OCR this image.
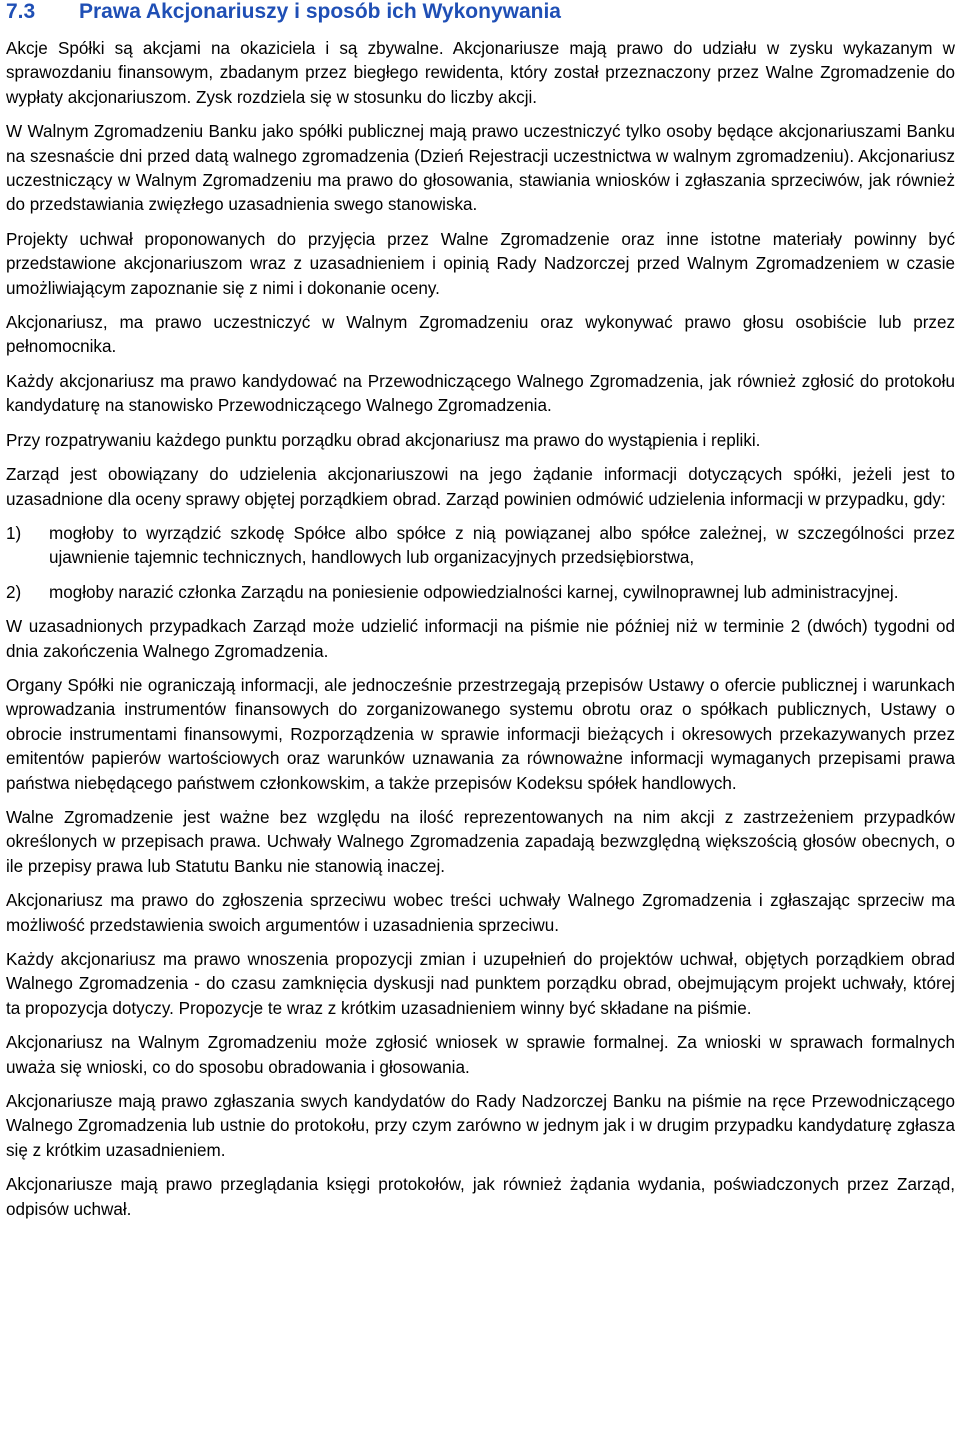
7.3	Prawa Akcjonariuszy i sposób ich Wykonywania

Akcje Spółki są akcjami na okaziciela i są zbywalne. Akcjonariusze mają prawo do udziału w zysku wykazanym w sprawozdaniu finansowym, zbadanym przez biegłego rewidenta, który został przeznaczony przez Walne Zgromadzenie do wypłaty akcjonariuszom. Zysk rozdziela się w stosunku do liczby akcji.

W Walnym Zgromadzeniu Banku jako spółki publicznej mają prawo uczestniczyć tylko osoby będące akcjonariuszami Banku na szesnaście dni przed datą walnego zgromadzenia (Dzień Rejestracji uczestnictwa w walnym zgromadzeniu). Akcjonariusz uczestniczący w Walnym Zgromadzeniu ma prawo do głosowania, stawiania wniosków i zgłaszania sprzeciwów, jak również do przedstawiania zwięzłego uzasadnienia swego stanowiska.

Projekty uchwał proponowanych do przyjęcia przez Walne Zgromadzenie oraz inne istotne materiały powinny być przedstawione akcjonariuszom wraz z uzasadnieniem i opinią Rady Nadzorczej przed Walnym Zgromadzeniem w czasie umożliwiającym zapoznanie się z nimi i dokonanie oceny.

Akcjonariusz, ma prawo uczestniczyć w Walnym Zgromadzeniu oraz wykonywać prawo głosu osobiście lub przez pełnomocnika.

Każdy akcjonariusz ma prawo kandydować na Przewodniczącego Walnego Zgromadzenia, jak również zgłosić do protokołu kandydaturę na stanowisko Przewodniczącego Walnego Zgromadzenia.

Przy rozpatrywaniu każdego punktu porządku obrad akcjonariusz ma prawo do wystąpienia i repliki.

Zarząd jest obowiązany do udzielenia akcjonariuszowi na jego żądanie informacji dotyczących spółki, jeżeli jest to uzasadnione dla oceny sprawy objętej porządkiem obrad. Zarząd powinien odmówić udzielenia informacji w przypadku, gdy:

1)	mogłoby to wyrządzić szkodę Spółce albo spółce z nią powiązanej albo spółce zależnej, w szczególności przez ujawnienie tajemnic technicznych, handlowych lub organizacyjnych przedsiębiorstwa,
2)	mogłoby narazić członka Zarządu na poniesienie odpowiedzialności karnej, cywilnoprawnej lub administracyjnej.

W uzasadnionych przypadkach Zarząd może udzielić informacji na piśmie nie później niż w terminie 2 (dwóch) tygodni od dnia zakończenia Walnego Zgromadzenia.

Organy Spółki nie ograniczają informacji, ale jednocześnie przestrzegają przepisów Ustawy o ofercie publicznej i warunkach wprowadzania instrumentów finansowych do zorganizowanego systemu obrotu oraz o spółkach publicznych, Ustawy o obrocie instrumentami finansowymi, Rozporządzenia w sprawie informacji bieżących i okresowych przekazywanych przez emitentów papierów wartościowych oraz warunków uznawania za równoważne informacji wymaganych przepisami prawa państwa niebędącego państwem członkowskim, a także przepisów Kodeksu spółek handlowych.

Walne Zgromadzenie jest ważne bez względu na ilość reprezentowanych na nim akcji z zastrzeżeniem przypadków określonych w przepisach prawa. Uchwały Walnego Zgromadzenia zapadają bezwzględną większością głosów obecnych, o ile przepisy prawa lub Statutu Banku nie stanowią inaczej.

Akcjonariusz ma prawo do zgłoszenia sprzeciwu wobec treści uchwały Walnego Zgromadzenia i zgłaszając sprzeciw ma możliwość przedstawienia swoich argumentów i uzasadnienia sprzeciwu.

Każdy akcjonariusz ma prawo wnoszenia propozycji zmian i uzupełnień do projektów uchwał, objętych porządkiem obrad Walnego Zgromadzenia - do czasu zamknięcia dyskusji nad punktem porządku obrad, obejmującym projekt uchwały, której ta propozycja dotyczy. Propozycje te wraz z krótkim uzasadnieniem winny być składane na piśmie.

Akcjonariusz na Walnym Zgromadzeniu może zgłosić wniosek w sprawie formalnej. Za wnioski w sprawach formalnych uważa się wnioski, co do sposobu obradowania i głosowania.

Akcjonariusze mają prawo zgłaszania swych kandydatów do Rady Nadzorczej Banku na piśmie na ręce Przewodniczącego Walnego Zgromadzenia lub ustnie do protokołu, przy czym zarówno w jednym jak i w drugim przypadku kandydaturę zgłasza się z krótkim uzasadnieniem.

Akcjonariusze mają prawo przeglądania księgi protokołów, jak również żądania wydania, poświadczonych przez Zarząd, odpisów uchwał.
